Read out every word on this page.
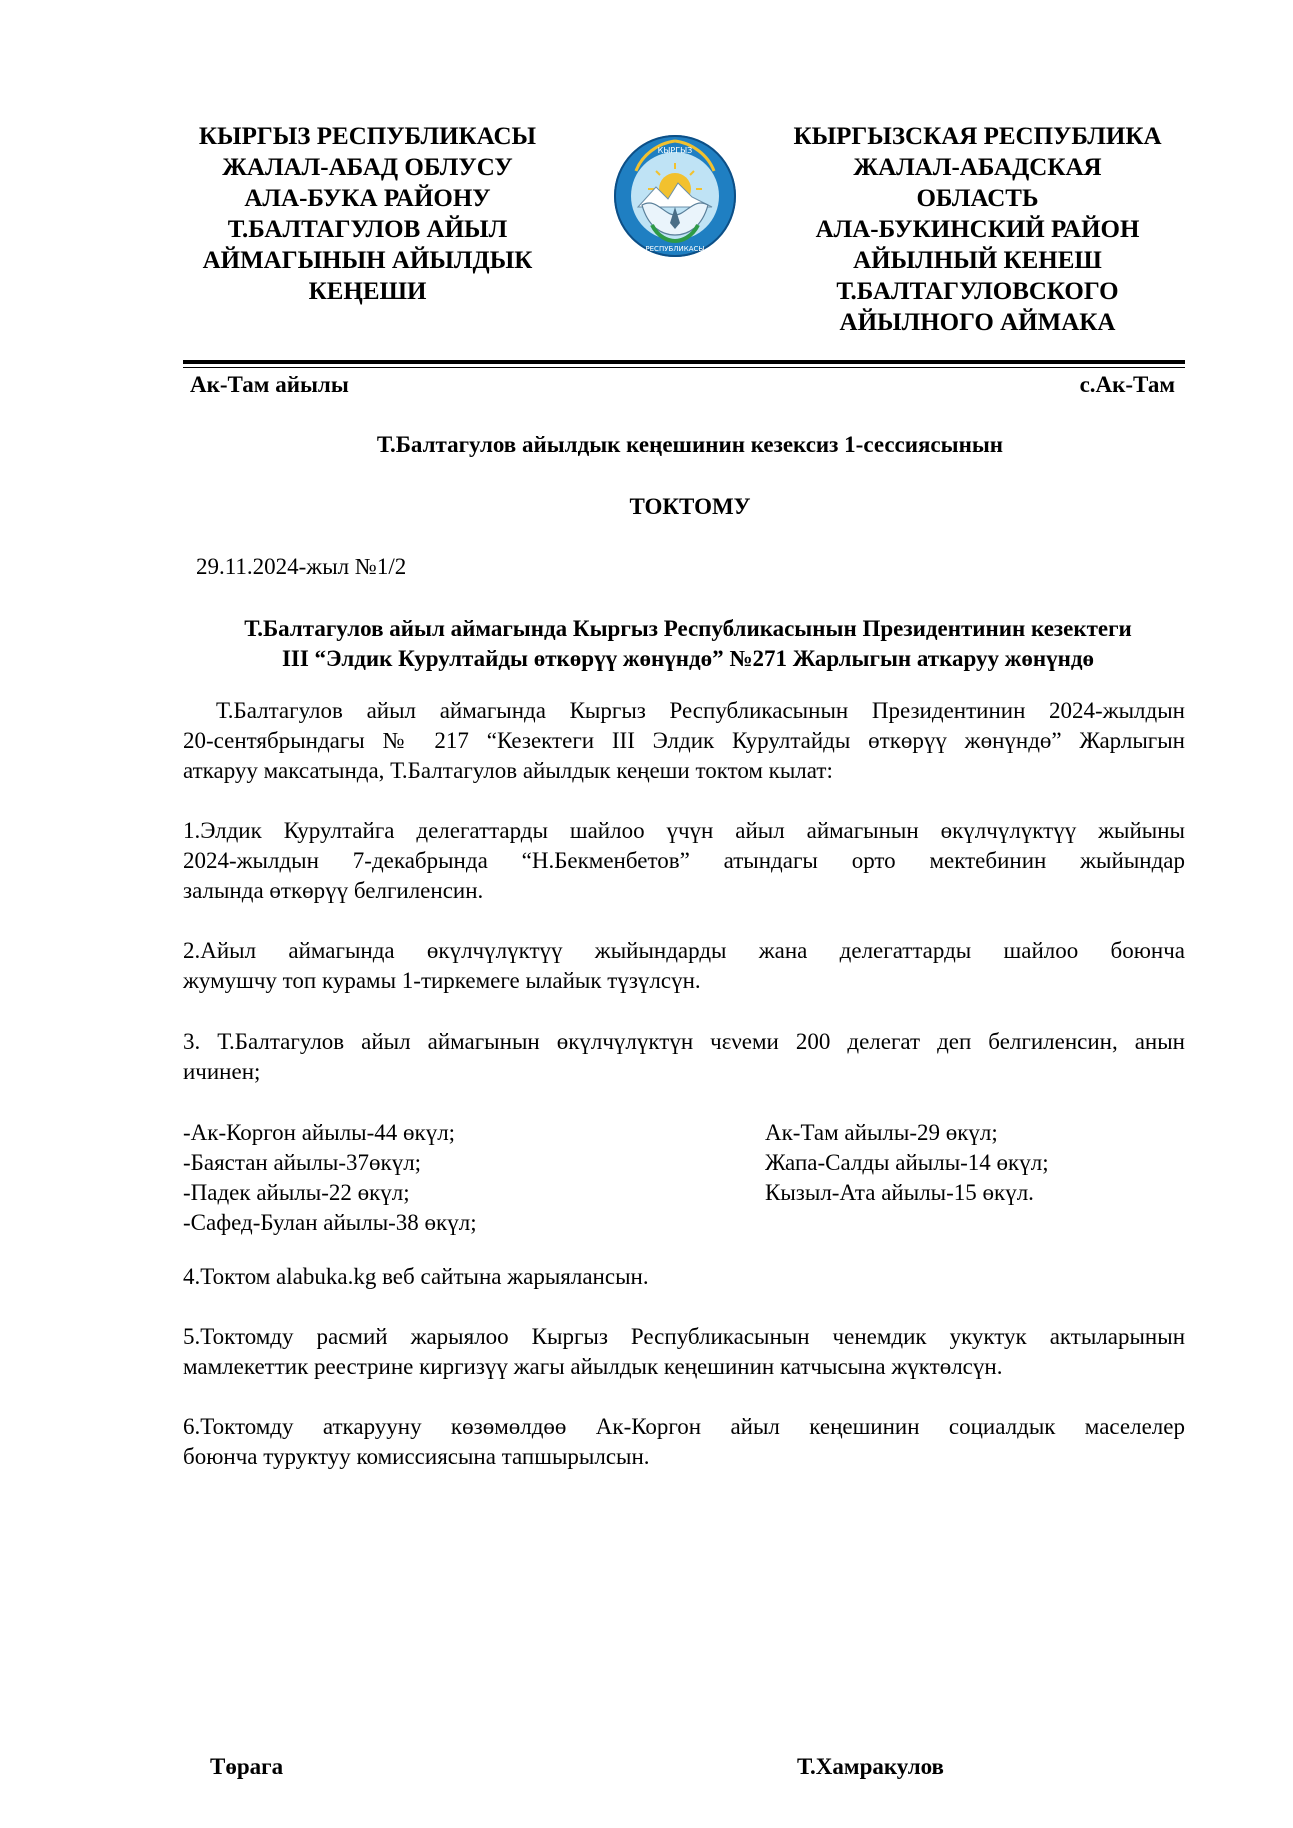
КЫРГЫЗ РЕСПУБЛИКАСЫ
ЖАЛАЛ-АБАД ОБЛУСУ
АЛА-БУКА РАЙОНУ
Т.БАЛТАГУЛОВ АЙЫЛ
АЙМАГЫНЫН АЙЫЛДЫК
КЕҢЕШИ
КЫРГЫЗ
РЕСПУБЛИКАСЫ
КЫРГЫЗСКАЯ РЕСПУБЛИКА
ЖАЛАЛ-АБАДСКАЯ
ОБЛАСТЬ
АЛА-БУКИНСКИЙ РАЙОН
АЙЫЛНЫЙ КЕНЕШ
Т.БАЛТАГУЛОВСКОГО
АЙЫЛНОГО АЙМАКА
Ак-Там айылы	с.Ак-Там
Т.Балтагулов айылдык кеңешинин кезексиз 1-сессиясынын
ТОКТОМУ
29.11.2024-жыл №1/2
Т.Балтагулов айыл аймагында Кыргыз Республикасынын Президентинин кезектеги
III “Элдик Курултайды өткөрүү жөнүндө” №271 Жарлыгын аткаруу жөнүндө
Т.Балтагулов айыл аймагында Кыргыз Республикасынын Президентинин 2024-жылдын
20-сентябрындагы № 217 “Кезектеги III Элдик Курултайды өткөрүү жөнүндө” Жарлыгын
аткаруу максатында, Т.Балтагулов айылдык кеңеши токтом кылат:
1.Элдик Курултайга делегаттарды шайлоо үчүн айыл аймагынын өкүлчүлүктүү жыйыны
2024-жылдын 7-декабрында “Н.Бекменбетов” атындагы орто мектебинин жыйындар
залында өткөрүү белгиленсин.
2.Айыл аймагында өкүлчүлүктүү жыйындарды жана делегаттарды шайлоо боюнча
жумушчу топ курамы 1-тиркемеге ылайык түзүлсүн.
3. Т.Балтагулов айыл аймагынын өкүлчүлүктүн чενеми 200 делегат деп белгиленсин, анын
ичинен;
-Ак-Коргон айылы-44 өкүл;
-Баястан айылы-37өкүл;
-Падек айылы-22 өкүл;
-Сафед-Булан айылы-38 өкүл;
Ак-Там айылы-29 өкүл;
Жапа-Салды айылы-14 өкүл;
Кызыл-Ата айылы-15 өкүл.
4.Токтом alabuka.kg веб сайтына жарыялансын.
5.Токтомду расмий жарыялоо Кыргыз Республикасынын ченемдик укуктук актыларынын
мамлекеттик реестрине киргизүү жагы айылдык кеңешинин катчысына жүктөлсүн.
6.Токтомду аткарууну көзөмөлдөө Ак-Коргон айыл кеңешинин социалдык маселелер
боюнча туруктуу комиссиясына тапшырылсын.
Төрага	Т.Хамракулов
